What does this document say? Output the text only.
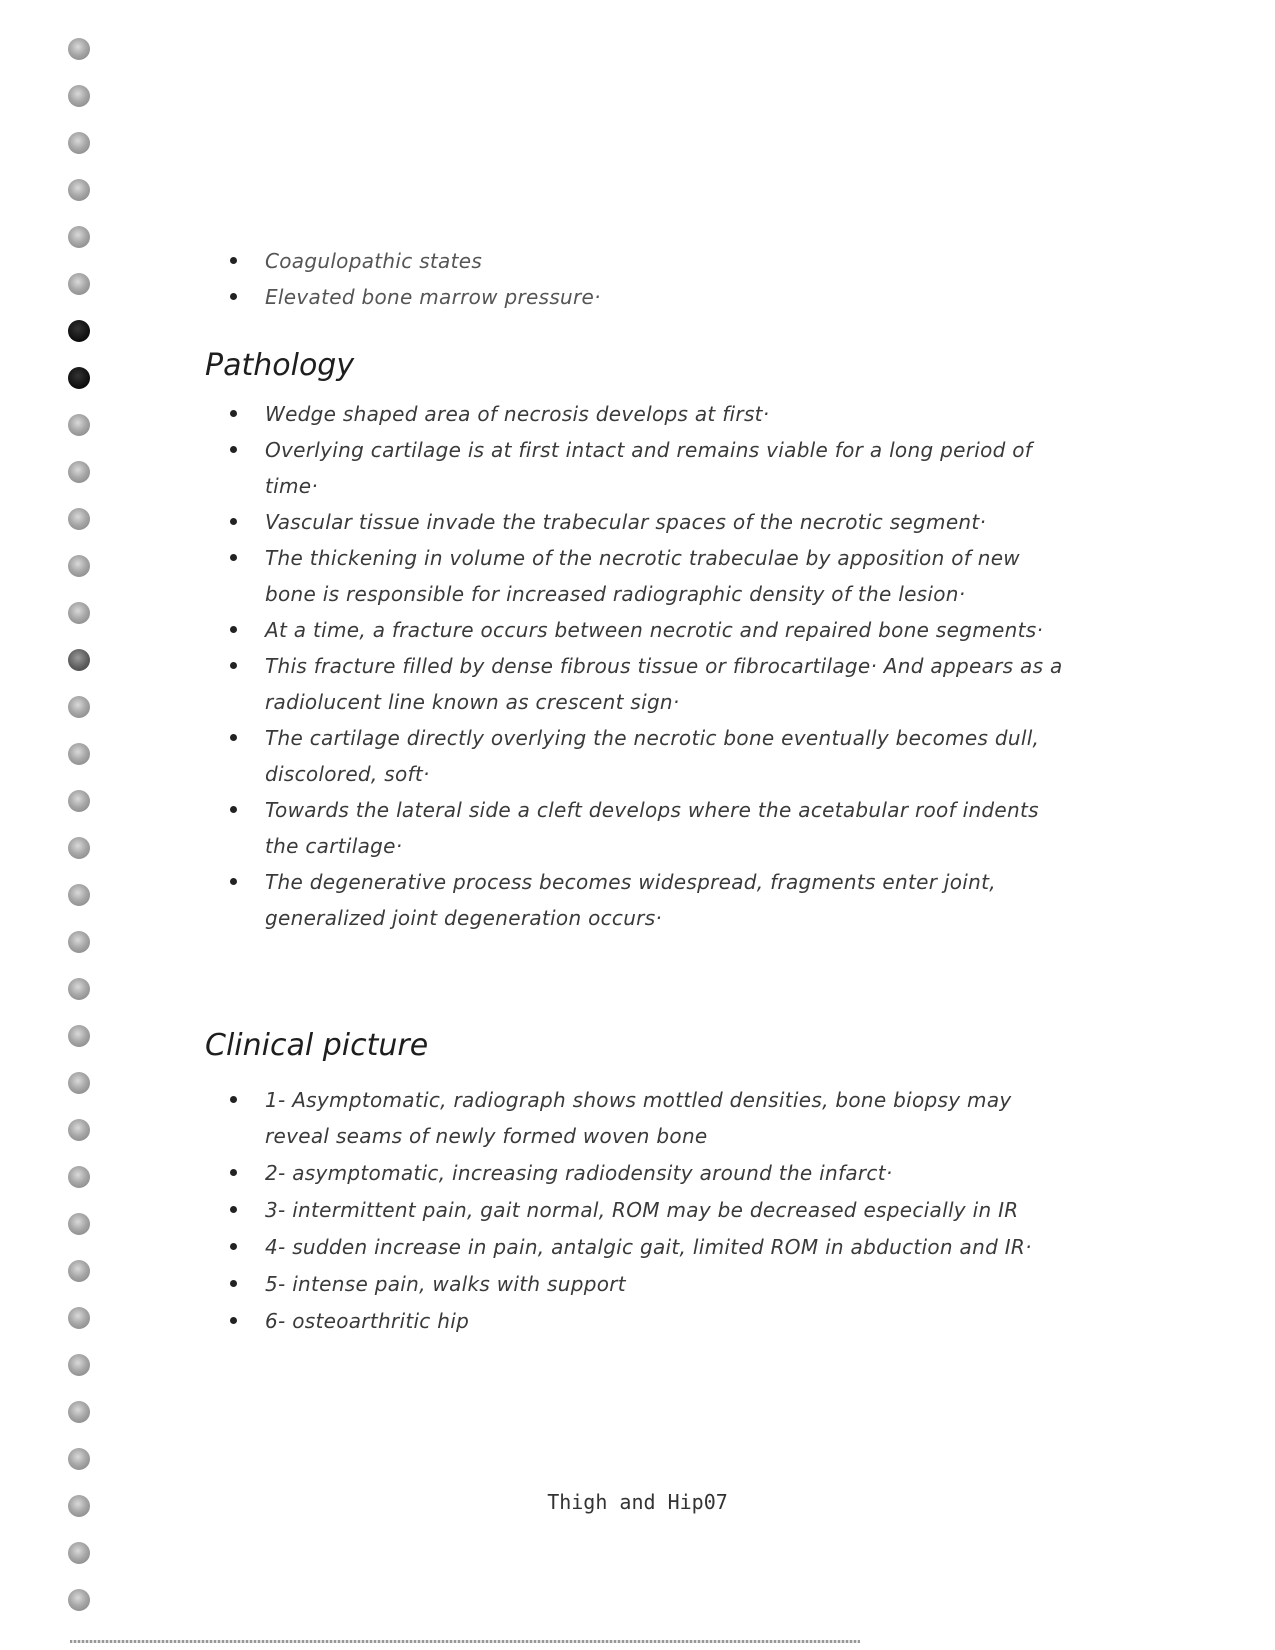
Coagulopathic states
Elevated bone marrow pressure·
Pathology
Wedge shaped area of necrosis develops at first·
Overlying cartilage is at first intact and remains viable for a long period of time·
Vascular tissue invade the trabecular spaces of the necrotic segment·
The thickening in volume of the necrotic trabeculae by apposition of new bone is responsible for increased radiographic density of the lesion·
At a time, a fracture occurs between necrotic and repaired bone segments·
This fracture filled by dense fibrous tissue or fibrocartilage· And appears as a radiolucent line known as crescent sign·
The cartilage directly overlying the necrotic bone eventually becomes dull, discolored, soft·
Towards the lateral side a cleft develops where the acetabular roof indents the cartilage·
The degenerative process becomes widespread, fragments enter joint, generalized joint degeneration occurs·
Clinical picture
1- Asymptomatic, radiograph shows mottled densities, bone biopsy may reveal seams of newly formed woven bone
2- asymptomatic, increasing radiodensity around the infarct·
3- intermittent pain, gait normal, ROM may be decreased especially in IR
4- sudden increase in pain, antalgic gait, limited ROM in abduction and IR·
5- intense pain, walks with support
6- osteoarthritic hip
Thigh and Hip07
